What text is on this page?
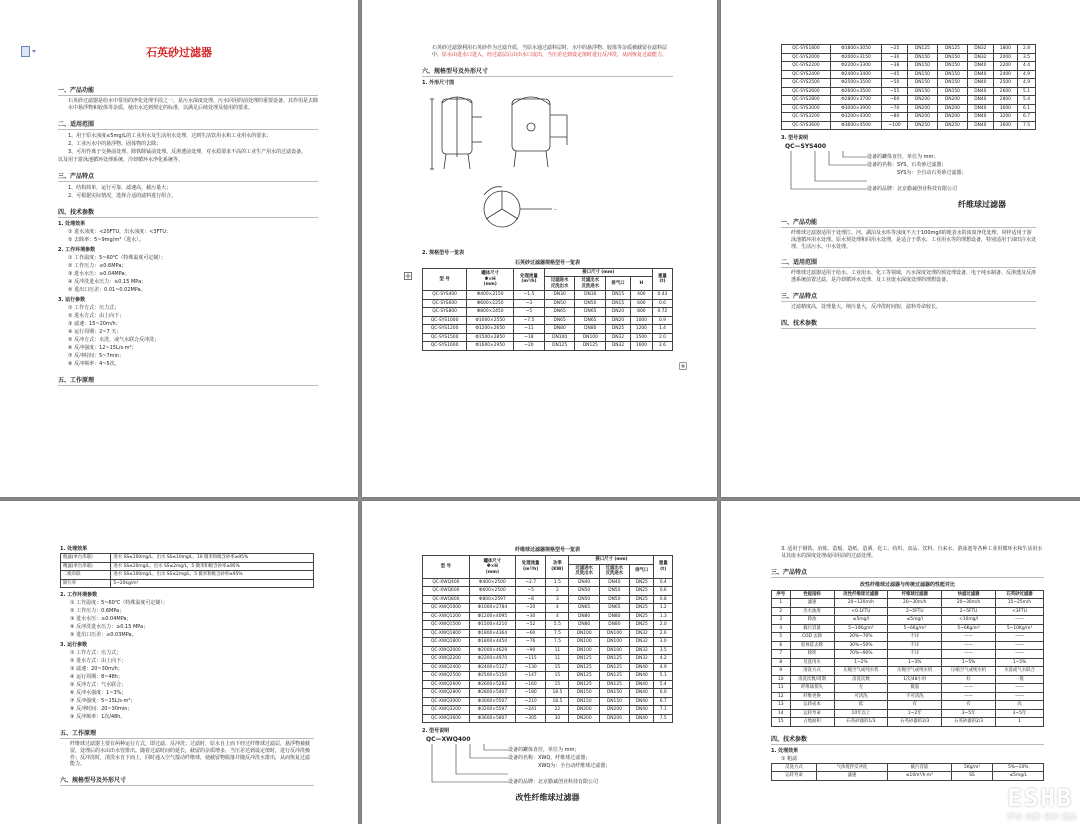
石英砂过滤器
一、产品功能

石英砂过滤器是给水中常用的净化处理手段之一，是污水深度处理、污水回用的前处理的重要设备。其作用是去除水中悬浮物和胶体等杂质，使出水达到规定的标准，以满足后续处理及使用的要求。

二、适用范围

1、用于原水浊度≤5mg/L的工业用水及生活用水处理，达到生活饮用水和工业用水的要求；

2、工业污水中的悬浮物、固体物的去除；

3、可用作离子交换前处理、除铁除锰前处理、反渗透前处理，对水质要求不高的工业生产用水的过滤设备。

以及用于游泳池循环处理系统、冷却循环水净化系统等。

三、产品特点

1、结构简单，运行可靠，滤速高，截污量大；

2、可根据实际情况，选择合适的滤料进行组合。

四、技术参数
1. 处理效果

① 进水浊度：<20FTU，出水浊度：<3FTU；

② 去除率：5~9mg/m³（进水）。

2. 工作环境参数

① 工作温度：5~60℃（特殊温度可定制）；

② 工作压力：≤0.6MPa；

③ 进水水压：≥0.04MPa；

④ 反冲洗进水压力：≥0.15 MPa；

⑤ 进出口压差：0.01~0.02MPa。

3. 运行参数

① 工作方式：压力式；

② 进水方式：由上向下；

③ 滤速：15~20m/h；

④ 运行周期：2~7 天；

⑤ 反冲方式：水洗，或气水联合反冲洗；

⑥ 反冲强度：12~15L/s·m²；

⑦ 反冲时间：5~7min；

⑧ 反冲频率：4~5次。

五、工作原理

石英砂过滤器利用石英砂作为过滤介质，当原水通过滤料层时，水中的悬浮物、胶体等杂质被截留在滤料层中，原水由进水口进入，经过滤层后由出水口流出，当压差达到设定值时进行反冲洗，从而恢复过滤能力。

六、规格型号及外形尺寸
1. 外形尺寸图
─
2. 规格型号一览表
石英砂过滤器规格型号一览表
型 号	罐体尺寸
Φ×H
(mm)	处理流量
(m³/h)	接口尺寸 (mm)				重量
(t)
			过滤进水
反洗出水	过滤出水
反洗进水	排气口	H	
QC-SYS400	Φ400×2150	~1.5	DN30	DN30	DN15	400	0.43
QC-SYS600	Φ600×2250	~3	DN50	DN50	DN15	600	0.6
QC-SYS800	Φ800×2450	~5	DN65	DN65	DN20	800	0.72
QC-SYS1000	Φ1000×2550	~7.5	DN65	DN65	DN20	1000	0.9
QC-SYS1200	Φ1200×2650	~11	DN80	DN80	DN25	1200	1.4
QC-SYS1500	Φ1500×2850	~18	DN100	DN100	DN32	1500	2.0
QC-SYS1600	Φ1600×2950	~20	DN125	DN125	DN32	1600	2.6
QC-SYS1800	Φ1800×3050	~25	DN125	DN125	DN32	1800	2.8
QC-SYS2000	Φ2000×3150	~30	DN150	DN150	DN32	2000	3.5
QC-SYS2200	Φ2200×3300	~38	DN150	DN150	DN40	2200	4.4
QC-SYS2400	Φ2400×3400	~45	DN150	DN150	DN40	2400	4.9
QC-SYS2500	Φ2500×3500	~50	DN150	DN150	DN40	2500	4.9
QC-SYS2600	Φ2600×3500	~55	DN150	DN150	DN40	2600	5.1
QC-SYS2800	Φ2800×3700	~60	DN200	DN200	DN40	2800	5.4
QC-SYS3000	Φ3000×3900	~70	DN200	DN200	DN40	3000	6.1
QC-SYS3200	Φ3200×4300	~80	DN200	DN200	DN40	3200	6.7
QC-SYS3600	Φ3600×4500	~100	DN250	DN250	DN40	3600	7.5
3. 型号说明
QC—SYS400
设备的罐体直径，单位为 mm；
设备的名称：SYS，石英砂过滤器；
SYS为：全自动石英砂过滤器；
设备的品牌：北京勤诚创业科技有限公司
纤维球过滤器
一、产品功能

纤维球过滤器适用于处理江、河、湖泊及水库等浊度不大于100mg/l的地表水的浓度净化处理，同样适用于游泳池循环用水处理、原水预处理和回用水处理，是适合于供水、工业用水等的理想设备，特别适用于油田注水处理、生活污水、中水处理。

二、适用范围

纤维球过滤器适用于给水、工业用水、化工等领域，污水深度处理的预处理设备，电子纯水制备、反渗透及反渗透系统前置过滤，是冷却循环水处理、及工业废水深度处理的理想设备。

三、产品特点

过滤精度高，处理量大，纳污量大，反冲洗时间短，滤料寿命较长。

四、技术参数
1. 处理效果
粗滤(单台串联)	进水 SS≤100mg/L，出水 SS≤10mg/L，10 微米和级含砂率≥95%
精滤(单台串联)	进水 SS≤20mg/L，出水 SS≤2mg/L，5 微米和级含砂率≥95%
二级串联	进水 SS≤100mg/L，出水 SS≤2mg/L，5 微米和级含砂率≥95%
除污率	5~20kg/m³
2. 工作环境参数

① 工作温度：5~60℃（特殊温度可定制）；

② 工作压力：0.6MPa；

③ 进水水压：≥0.04MPa；

④ 反冲洗进水压力：≥0.15 MPa；

⑤ 进出口压差：≤0.03MPa。

3. 运行参数

① 工作方式：压力式；

② 进水方式：由上向下；

③ 滤速：20~30m/h；

④ 运行周期：8~48h；

⑤ 反冲方式：气水联合；

⑥ 反冲水强度：1~3%；

⑦ 反冲强度：5~15L/s·m²；

⑧ 反冲时间：20~30min；

⑨ 反冲频率：1次/48h。

五、工作原理

纤维球过滤器主要有两种运行方式，即过滤、反冲洗；过滤时，原水自上而下经过纤维球过滤层，悬浮物被截留，处理后的水由出水管排出。随着过滤时间的延长，截留的杂质增多，当压差达到设定值时，进行反冲洗操作；反冲洗时，清洗水自下而上，同时通入空气搅动纤维球，使截留物脱落并随反冲洗水排出，从而恢复过滤能力。

六、规格型号及外形尺寸
纤维球过滤器规格型号一览表
型 号	罐体尺寸
Φ×H
(mm)	处理流量
(m³/h)	功率
(KW)	接口尺寸 (mm)			重量
(t)
				过滤进水
反洗出水	过滤出水
反洗进水	排气口	
QC-XWQ400	Φ400×2500	~2.7	1.5	DN40	DN40	DN25	0.4
QC-XWQ600	Φ600×2500	~5	2	DN50	DN50	DN25	0.6
QC-XWQ800	Φ800×2597	~8	3	DN50	DN50	DN25	0.8
QC-XWQ1000	Φ1000×2784	~20	4	DN65	DN65	DN25	1.2
QC-XWQ1200	Φ1200×4095	~30	4	DN80	DN80	DN25	1.3
QC-XWQ1500	Φ1500×4210	~52	5.5	DN80	DN80	DN25	2.0
QC-XWQ1800	Φ1800×4364	~60	7.5	DN100	DN100	DN32	2.6
QC-XWQ1800	Φ1800×4450	~76	7.5	DN100	DN100	DN32	3.0
QC-XWQ2000	Φ2000×4629	~90	11	DN100	DN100	DN32	3.5
QC-XWQ2200	Φ2200×4970	~115	11	DN125	DN125	DN32	4.2
QC-XWQ2400	Φ2400×5127	~130	15	DN125	DN125	DN40	4.9
QC-XWQ2500	Φ2500×5150	~147	15	DN125	DN125	DN40	5.1
QC-XWQ2600	Φ2600×5282	~160	15	DN125	DN125	DN40	5.4
QC-XWQ2800	Φ2800×5407	~180	18.5	DN150	DN150	DN40	6.0
QC-XWQ3000	Φ3000×5507	~210	18.5	DN150	DN150	DN40	6.7
QC-XWQ3200	Φ3200×5597	~241	22	DN200	DN200	DN40	7.1
QC-XWQ3600	Φ3600×5807	~305	30	DN200	DN200	DN40	7.5
2. 型号说明
QC—XWQ400
设备的罐体直径，单位为 mm；
设备的名称：XWQ，纤维球过滤器；
XWQ为：全自动纤维球过滤器；
设备的品牌：北京勤诚创业科技有限公司
改性纤维球过滤器

3. 适用于钢铁、冶炼、造船、造纸、造酒、化工、纺织、食品、饮料、自来水、游泳池等各种工业用循环水和生活用水及其废水的深度处理或回用前的过滤处理。

三、产品特点
改性纤维球过滤器与传统过滤器的性能对比
序号	性能指标	改性纤维球过滤器	纤维球过滤器	快滤过滤器	石英砂过滤器
1	滤速	20~120m/h	20~30m/h	20~30m/h	15~25m/h
2	出水浊度	<0.1FTU	2~5FTU	2~5FTU	<3FTU
3	除浊	≤5mg/l	≤5mg/l	<10mg/l	——
4	截污容量	5~10Kg/m³	5~6Kg/m³	5~6Kg/m³	5~10Kg/m³
5	COD 去除	20%~70%	不详	——	——
6	胶体硅去除	30%~50%	不详	——	——
7	除铁	70%~90%	不详	——	——
8	反洗用水	1~2%	1~3%	1~5%	1~5%
9	清洗方式	压缩空气或纯水机	压缩空气或纯水机	压缩空气或纯水机	水洗或气水联合
10	清洗次数/周期	清洗次数	1次/48小时	好	一般
11	纤维球损失	无	微量	——	——
12	纤维更换	可清洗	不可清洗	——	——
13	运转成本	低	有	有	高
14	运转寿命	10年以上	1~2年	3~5年	3~5年
15	占地面积	石英砂器的1/3	石英砂器的2/3	石英砂器的2/3	1
四、技术参数
1. 处理效果
① 粗滤
反洗方式	气体搅拌反冲洗	截污容量	5Kg/m³	5%~10%
运转寿命	滤速	≤10m³/h·m²	SS	≤5mg/L
ESHB
学习·交流·分享·资源
